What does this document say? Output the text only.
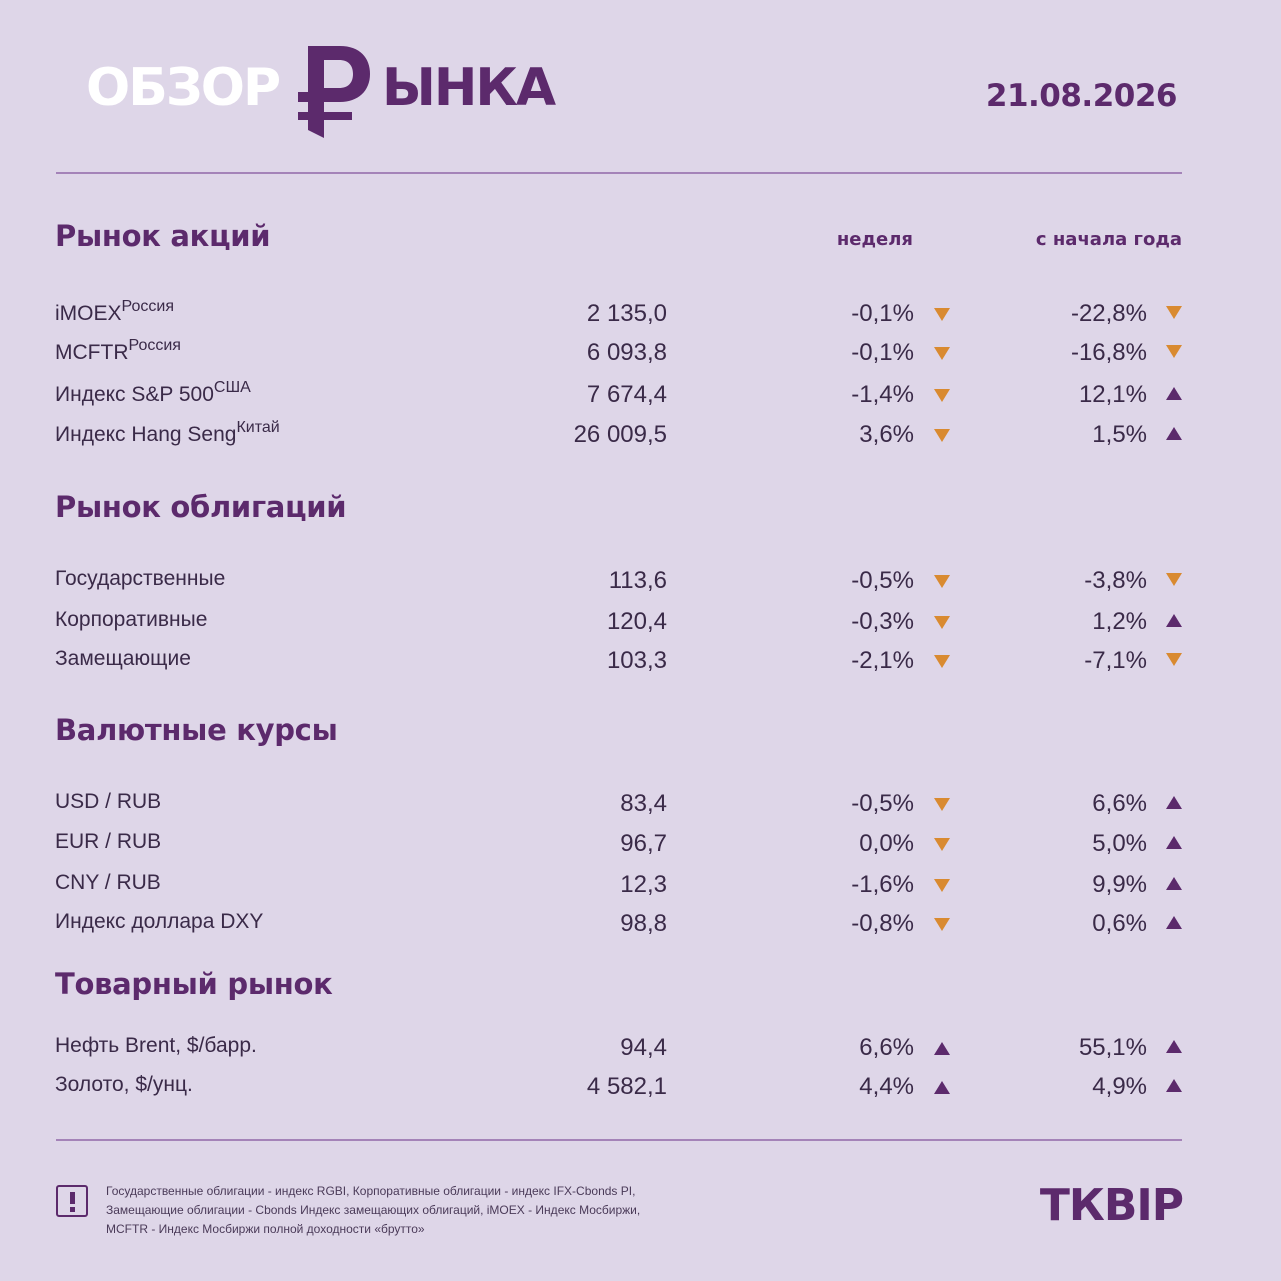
ОБЗОР ЫНКА	21.08.2026
неделя	с начала года
Рынок акций
iMOEX$^{Россия}$	2 135,0	-0,1%	-22,8%
$MCFTR^{Россия}$	6 093,8	-0,1%	-16,8%
Индекс S&P $500^{США}$	7 674,4	-1,4%	12,1%
Индекс Hang Seng$^{Китай}$	26 009,5	3,6%	1,5%
Рынок облигаций
Государственные	113,6	-0,5%	-3,8%
Корпоративные	120,4	-0,3%	1,2%
Замещающие	103,3	-2,1%	-7,1%
Валютные курсы
USD / RUB	83,4	-0,5%	6,6%
EUR / RUB	96,7	0,0%	5,0%
CNY / RUB	12,3	-1,6%	9,9%
Индекс доллара DXY	98,8	-0,8%	0,6%
Товарный рынок
Нефть Brent, $/барр.	94,4	6,6%	55,1%
Золото, $/унц.	4 582,1	4,4%	4,9%
Государственные облигации - индекс RGBI, Корпоративные облигации - индекс IFX-Cbonds PI,
Замещающие облигации - Cbonds Индекс замещающих облигаций, iMOEX - Индекс Мосбиржи,
MCFTR - Индекс Мосбиржи полной доходности «брутто»	ТКВIР
